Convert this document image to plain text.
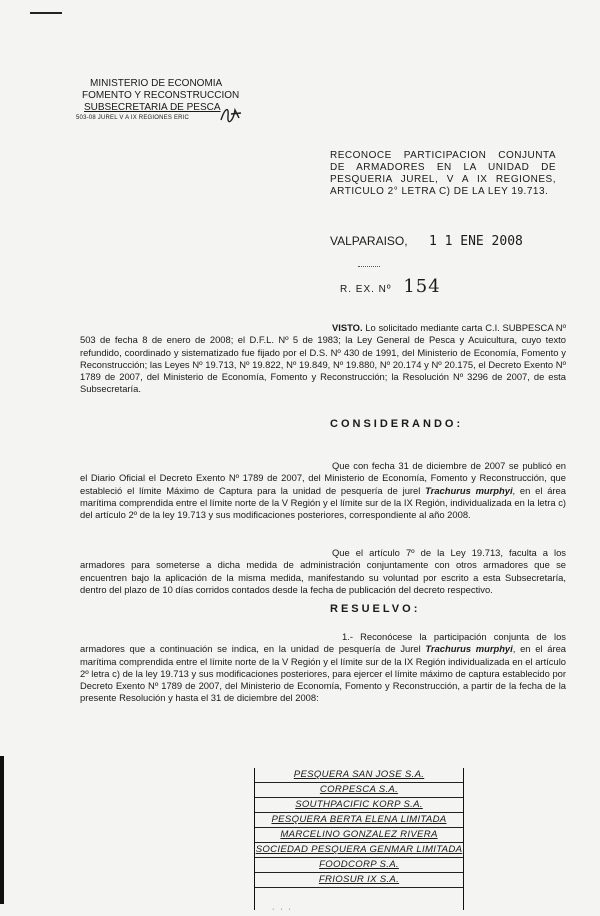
MINISTERIO DE ECONOMIA
FOMENTO Y RECONSTRUCCION
SUBSECRETARIA DE PESCA
503-08 JUREL V A IX REGIONES ERIC
RECONOCE PARTICIPACION CONJUNTA DE ARMADORES EN LA UNIDAD DE PESQUERIA JUREL, V A IX REGIONES, ARTICULO 2° LETRA C) DE LA LEY 19.713.
VALPARAISO, 1 1 ENE 2008
R. EX. Nº 154
VISTO. Lo solicitado mediante carta C.I. SUBPESCA Nº 503 de fecha 8 de enero de 2008; el D.F.L. Nº 5 de 1983; la Ley General de Pesca y Acuicultura, cuyo texto refundido, coordinado y sistematizado fue fijado por el D.S. Nº 430 de 1991, del Ministerio de Economía, Fomento y Reconstrucción; las Leyes Nº 19.713, Nº 19.822, Nº 19.849, Nº 19.880, Nº 20.174 y Nº 20.175, el Decreto Exento Nº 1789 de 2007, del Ministerio de Economía, Fomento y Reconstrucción; la Resolución Nº 3296 de 2007, de esta Subsecretaría.
CONSIDERANDO:
Que con fecha 31 de diciembre de 2007 se publicó en el Diario Oficial el Decreto Exento Nº 1789 de 2007, del Ministerio de Economía, Fomento y Reconstrucción, que estableció el límite Máximo de Captura para la unidad de pesquería de jurel Trachurus murphyi, en el área marítima comprendida entre el límite norte de la V Región y el límite sur de la IX Región, individualizada en la letra c) del artículo 2º de la ley 19.713 y sus modificaciones posteriores, correspondiente al año 2008.
Que el artículo 7º de la Ley 19.713, faculta a los armadores para someterse a dicha medida de administración conjuntamente con otros armadores que se encuentren bajo la aplicación de la misma medida, manifestando su voluntad por escrito a esta Subsecretaría, dentro del plazo de 10 días corridos contados desde la fecha de publicación del decreto respectivo.
RESUELVO:
1.- Reconócese la participación conjunta de los armadores que a continuación se indica, en la unidad de pesquería de Jurel Trachurus murphyi, en el área marítima comprendida entre el límite norte de la V Región y el límite sur de la IX Región individualizada en el artículo 2º letra c) de la ley 19.713 y sus modificaciones posteriores, para ejercer el límite máximo de captura establecido por Decreto Exento Nº 1789 de 2007, del Ministerio de Economía, Fomento y Reconstrucción, a partir de la fecha de la presente Resolución y hasta el 31 de diciembre del 2008:
PESQUERA SAN JOSE S.A.
CORPESCA S.A.
SOUTHPACIFIC KORP S.A.
PESQUERA BERTA ELENA LIMITADA
MARCELINO GONZALEZ RIVERA
SOCIEDAD PESQUERA GENMAR LIMITADA
FOODCORP S.A.
FRIOSUR IX S.A.
· · ·
